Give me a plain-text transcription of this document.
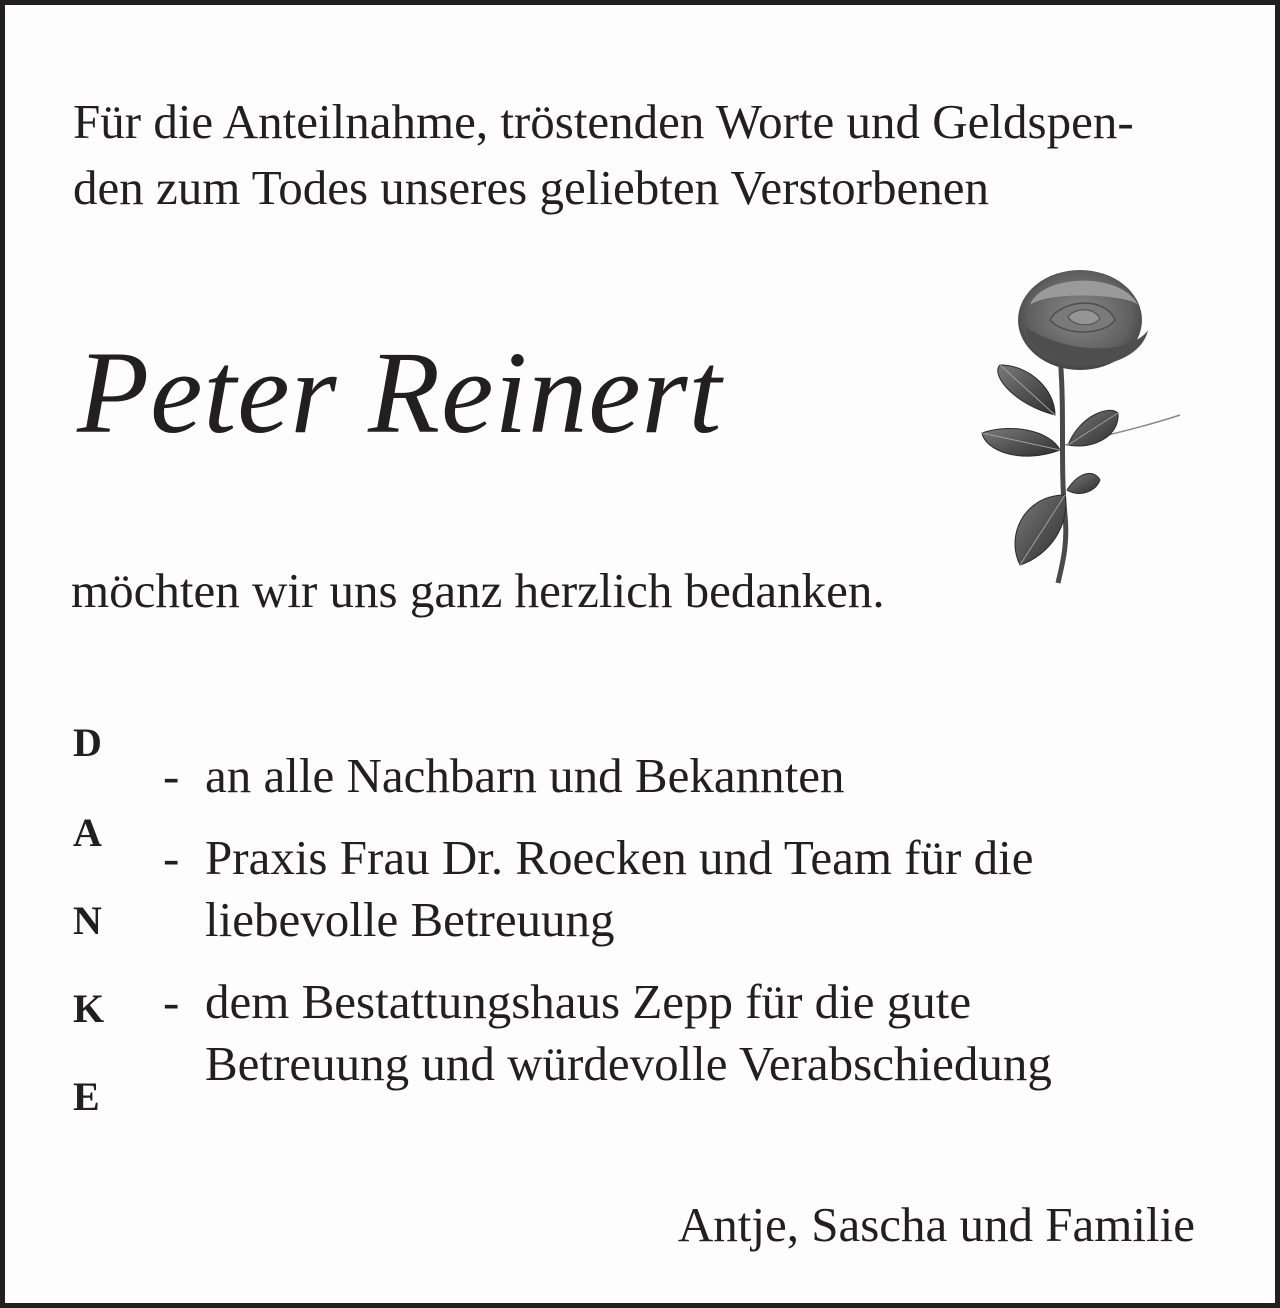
Für die Anteilnahme, tröstenden Worte und Geldspen-
den zum Todes unseres geliebten Verstorbenen

Peter Reinert

möchten wir uns ganz herzlich bedanken.

D
A
N
K
E
- an alle Nachbarn und Bekannten
- Praxis Frau Dr. Roecken und Team für die
liebevolle Betreuung
- dem Bestattungshaus Zepp für die gute
Betreuung und würdevolle Verabschiedung

Antje, Sascha und Familie
